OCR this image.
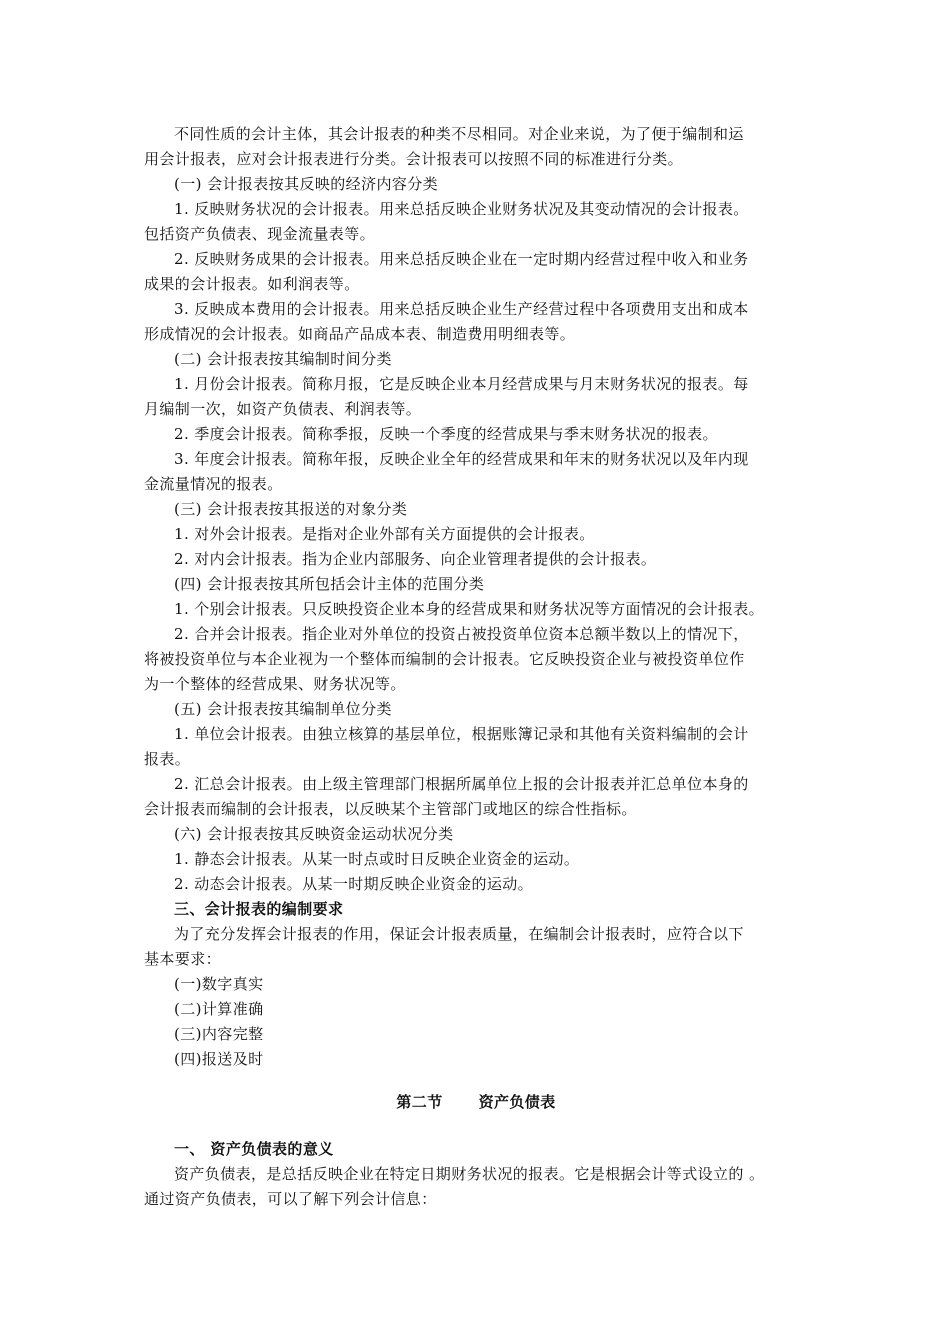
不同性质的会计主体，其会计报表的种类不尽相同。对企业来说，为了便于编制和运
用会计报表，应对会计报表进行分类。会计报表可以按照不同的标准进行分类。
(一) 会计报表按其反映的经济内容分类
1. 反映财务状况的会计报表。用来总括反映企业财务状况及其变动情况的会计报表。
包括资产负债表、现金流量表等。
2. 反映财务成果的会计报表。用来总括反映企业在一定时期内经营过程中收入和业务
成果的会计报表。如利润表等。
3. 反映成本费用的会计报表。用来总括反映企业生产经营过程中各项费用支出和成本
形成情况的会计报表。如商品产品成本表、制造费用明细表等。
(二) 会计报表按其编制时间分类
1. 月份会计报表。简称月报，它是反映企业本月经营成果与月末财务状况的报表。每
月编制一次，如资产负债表、利润表等。
2. 季度会计报表。简称季报，反映一个季度的经营成果与季末财务状况的报表。
3. 年度会计报表。简称年报，反映企业全年的经营成果和年末的财务状况以及年内现
金流量情况的报表。
(三) 会计报表按其报送的对象分类
1. 对外会计报表。是指对企业外部有关方面提供的会计报表。
2. 对内会计报表。指为企业内部服务、向企业管理者提供的会计报表。
(四) 会计报表按其所包括会计主体的范围分类
1. 个别会计报表。只反映投资企业本身的经营成果和财务状况等方面情况的会计报表。
2. 合并会计报表。指企业对外单位的投资占被投资单位资本总额半数以上的情况下，
将被投资单位与本企业视为一个整体而编制的会计报表。它反映投资企业与被投资单位作
为一个整体的经营成果、财务状况等。
(五) 会计报表按其编制单位分类
1. 单位会计报表。由独立核算的基层单位，根据账簿记录和其他有关资料编制的会计
报表。
2. 汇总会计报表。由上级主管理部门根据所属单位上报的会计报表并汇总单位本身的
会计报表而编制的会计报表，以反映某个主管部门或地区的综合性指标。
(六) 会计报表按其反映资金运动状况分类
1. 静态会计报表。从某一时点或时日反映企业资金的运动。
2. 动态会计报表。从某一时期反映企业资金的运动。
三、会计报表的编制要求
为了充分发挥会计报表的作用，保证会计报表质量，在编制会计报表时，应符合以下
基本要求：
(一)数字真实
(二)计算准确
(三)内容完整
(四)报送及时
第二节 资产负债表
一、 资产负债表的意义
资产负债表，是总括反映企业在特定日期财务状况的报表。它是根据会计等式设立的 。
通过资产负债表，可以了解下列会计信息：
